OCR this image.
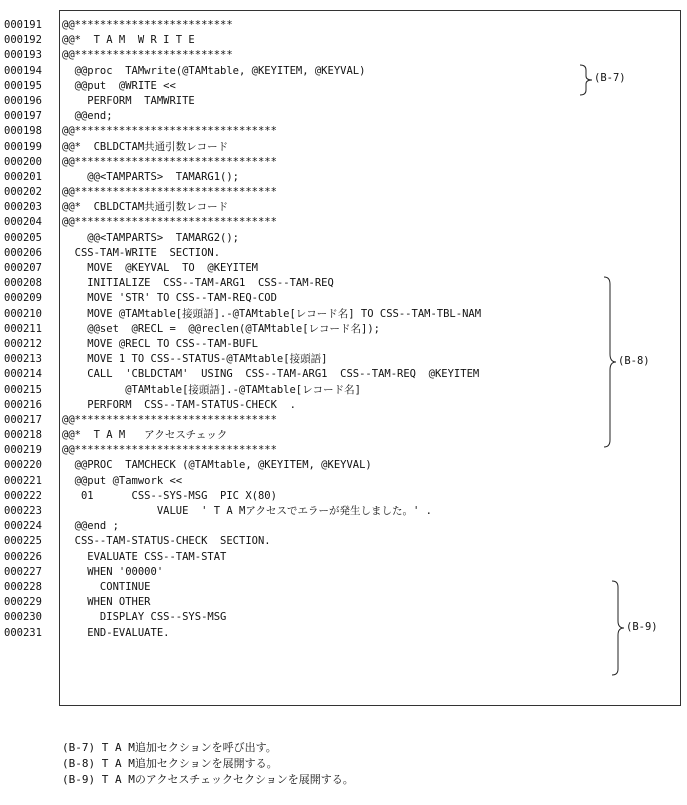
000191
000192
000193
000194
000195
000196
000197
000198
000199
000200
000201
000202
000203
000204
000205
000206
000207
000208
000209
000210
000211
000212
000213
000214
000215
000216
000217
000218
000219
000220
000221
000222
000223
000224
000225
000226
000227
000228
000229
000230
000231
@@*************************
@@*  T A M  W R I T E
@@*************************
@@proc  TAMwrite(@TAMtable, @KEYITEM, @KEYVAL)
@@put  @WRITE <<
PERFORM  TAMWRITE
@@end;
@@********************************
@@*  CBLDCTAM共通引数レコード
@@********************************
@@<TAMPARTS>  TAMARG1();
@@********************************
@@*  CBLDCTAM共通引数レコード
@@********************************
@@<TAMPARTS>  TAMARG2();
CSS-TAM-WRITE  SECTION.
MOVE  @KEYVAL  TO  @KEYITEM
INITIALIZE  CSS--TAM-ARG1  CSS--TAM-REQ
MOVE 'STR' TO CSS--TAM-REQ-COD
MOVE @TAMtable[接頭語].-@TAMtable[レコード名] TO CSS--TAM-TBL-NAM
@@set  @RECL =  @@reclen(@TAMtable[レコード名]);
MOVE @RECL TO CSS--TAM-BUFL
MOVE 1 TO CSS--STATUS-@TAMtable[接頭語]
CALL  'CBLDCTAM'  USING  CSS--TAM-ARG1  CSS--TAM-REQ  @KEYITEM
@TAMtable[接頭語].-@TAMtable[レコード名]
PERFORM  CSS--TAM-STATUS-CHECK  .
@@********************************
@@*  T A M   アクセスチェック
@@********************************
@@PROC  TAMCHECK (@TAMtable, @KEYITEM, @KEYVAL)
@@put @Tamwork <<
01      CSS--SYS-MSG  PIC X(80)
VALUE  ' T A Mアクセスでエラーが発生しました。' .
@@end ;
CSS--TAM-STATUS-CHECK  SECTION.
EVALUATE CSS--TAM-STAT
WHEN '00000'
CONTINUE
WHEN OTHER
DISPLAY CSS--SYS-MSG
END-EVALUATE.
(B-7)
(B-8)
(B-9)
(B-7) T A M追加セクションを呼び出す。
(B-8) T A M追加セクションを展開する。
(B-9) T A Mのアクセスチェックセクションを展開する。
